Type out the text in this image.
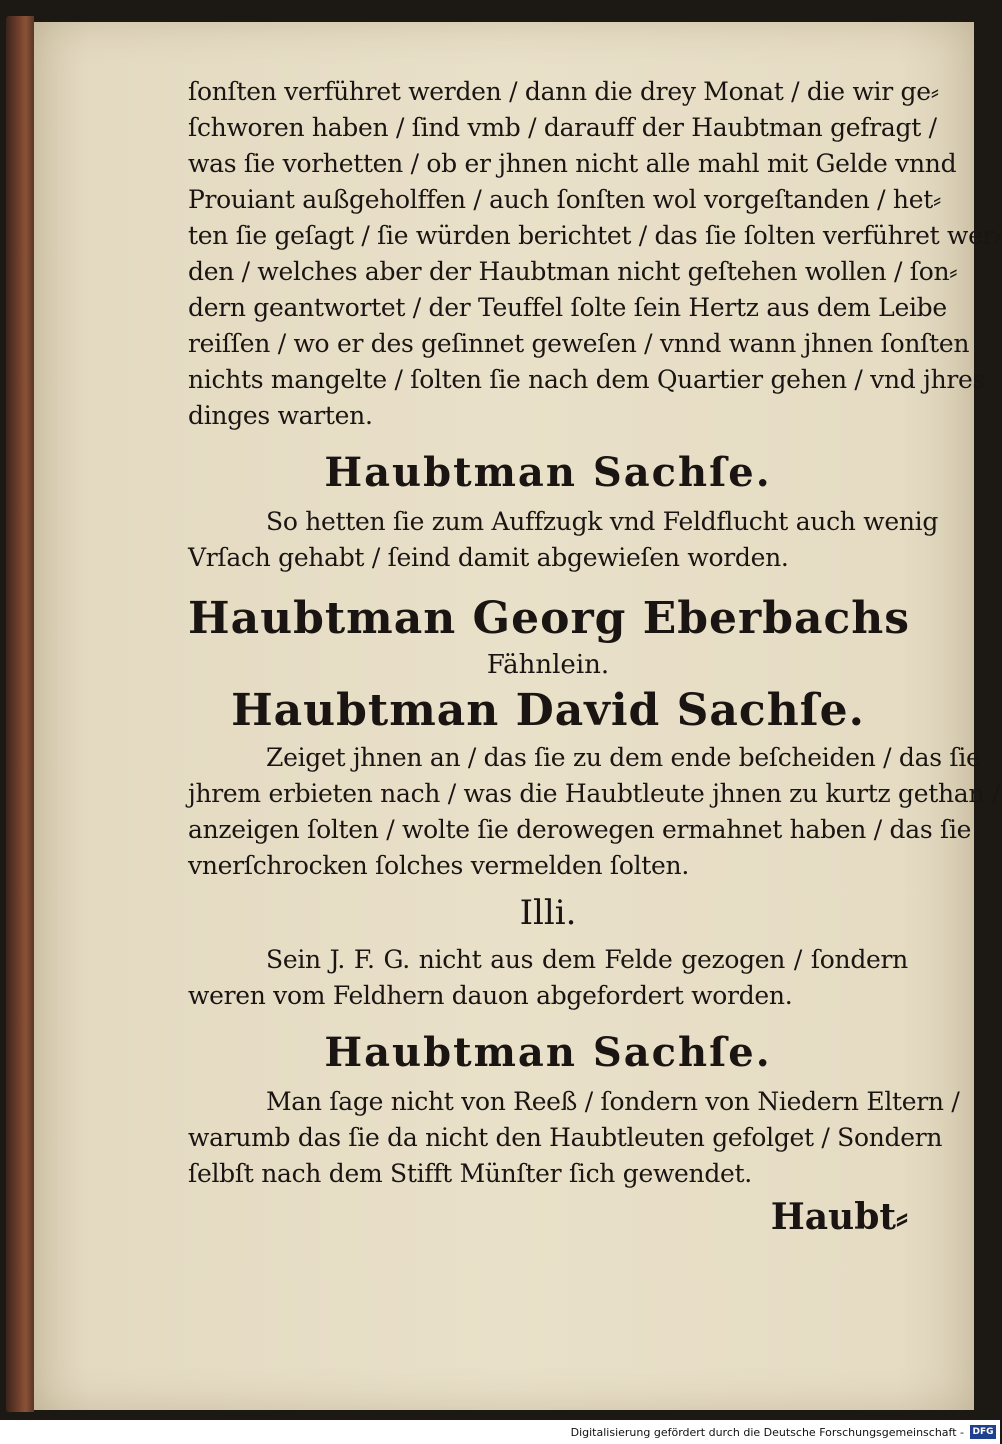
ſonſten verführet werden / dann die drey Monat / die wir ge⸗
ſchworen haben / ſind vmb / darauff der Haubtman gefragt /
was ſie vorhetten / ob er jhnen nicht alle mahl mit Gelde vnnd
Prouiant außgeholffen / auch ſonſten wol vorgeſtanden / het⸗
ten ſie geſagt / ſie würden berichtet / das ſie ſolten verführet wer⸗
den / welches aber der Haubtman nicht geſtehen wollen / ſon⸗
dern geantwortet / der Teuffel ſolte ſein Hertz aus dem Leibe
reiſſen / wo er des geſinnet geweſen / vnnd wann jhnen ſonſten
nichts mangelte / ſolten ſie nach dem Quartier gehen / vnd jhres
dinges warten.
Haubtman Sachſe.
So hetten ſie zum Auffzugk vnd Feldflucht auch wenig
Vrſach gehabt / ſeind damit abgewieſen worden.
Haubtman Georg Eberbachs
Fähnlein.
Haubtman David Sachſe.
Zeiget jhnen an / das ſie zu dem ende beſcheiden / das ſie
jhrem erbieten nach / was die Haubtleute jhnen zu kurtz gethan /
anzeigen ſolten / wolte ſie derowegen ermahnet haben / das ſie
vnerſchrocken ſolches vermelden ſolten.
Illi.
Sein J. F. G. nicht aus dem Felde gezogen / ſondern
weren vom Feldhern dauon abgefordert worden.
Haubtman Sachſe.
Man ſage nicht von Reeß / ſondern von Niedern Eltern /
warumb das ſie da nicht den Haubtleuten gefolget / Sondern
ſelbſt nach dem Stifft Münſter ſich gewendet.
Haubt⸗
Digitalisierung gefördert durch die Deutsche Forschungsgemeinschaft - DFG
